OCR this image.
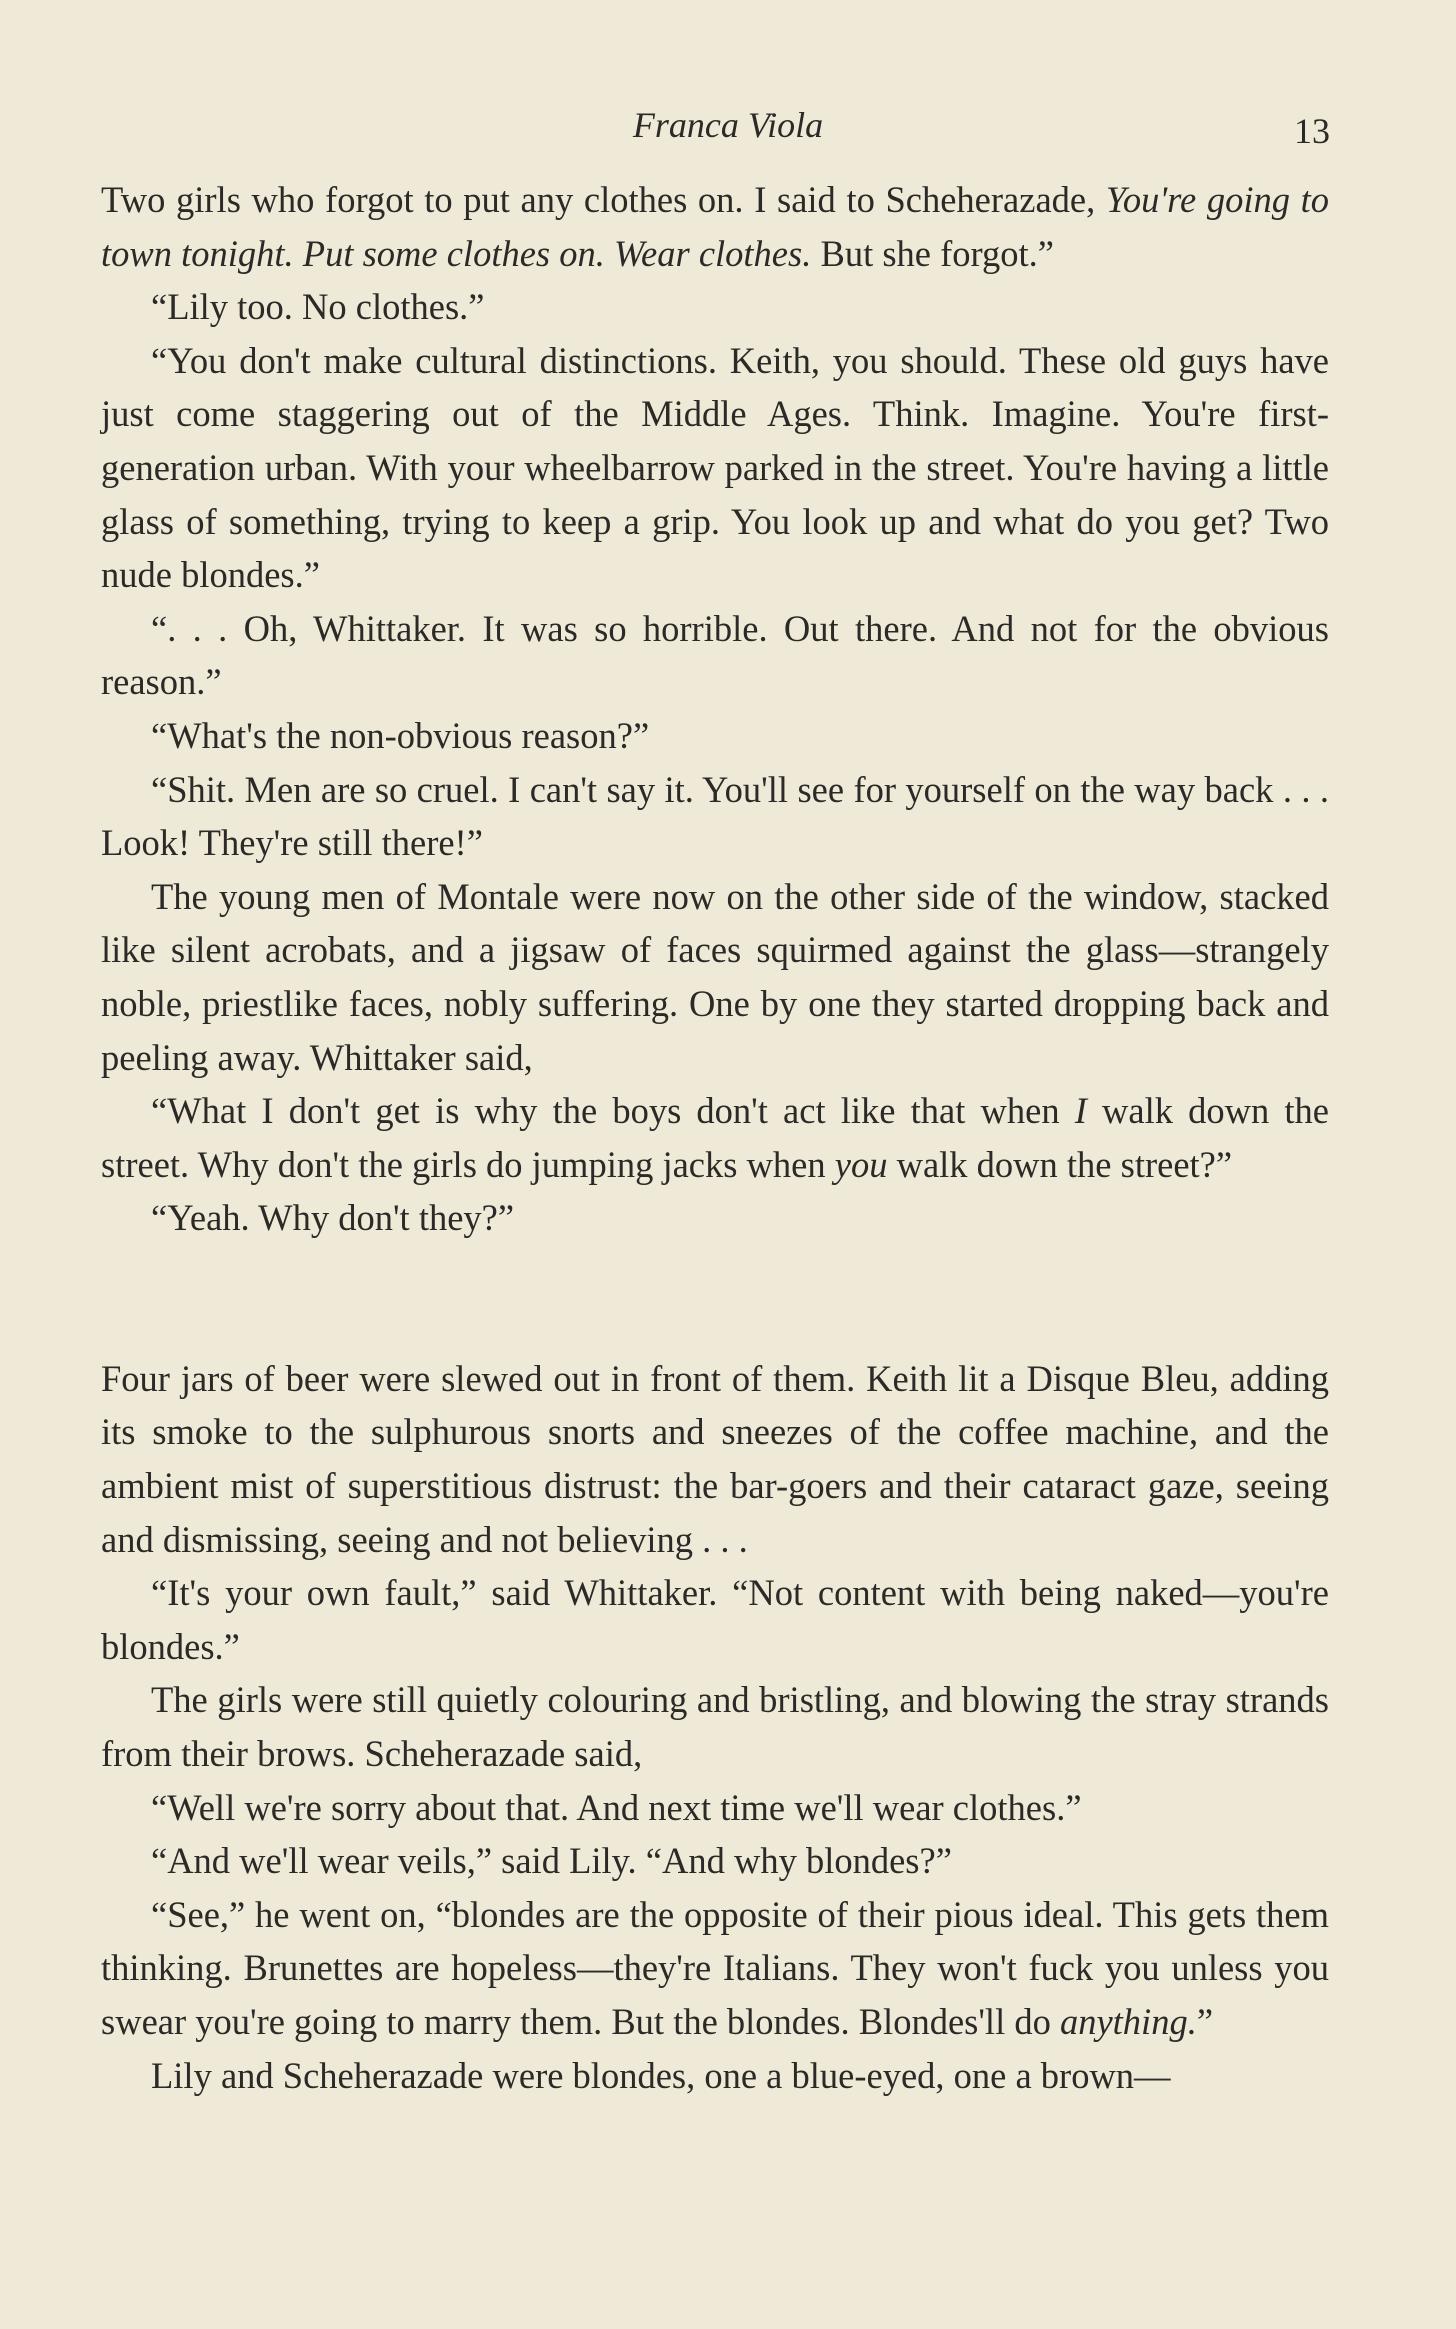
Franca Viola	13

Two girls who forgot to put any clothes on. I said to Scheherazade, You're going to town tonight. Put some clothes on. Wear clothes. But she forgot.”

“Lily too. No clothes.”

“You don't make cultural distinctions. Keith, you should. These old guys have just come staggering out of the Middle Ages. Think. Imagine. You're first-generation urban. With your wheelbarrow parked in the street. You're having a little glass of something, trying to keep a grip. You look up and what do you get? Two nude blondes.”

“. . . Oh, Whittaker. It was so horrible. Out there. And not for the obvious reason.”

“What's the non-obvious reason?”

“Shit. Men are so cruel. I can't say it. You'll see for yourself on the way back . . . Look! They're still there!”

The young men of Montale were now on the other side of the window, stacked like silent acrobats, and a jigsaw of faces squirmed against the glass—strangely noble, priestlike faces, nobly suffering. One by one they started dropping back and peeling away. Whittaker said,

“What I don't get is why the boys don't act like that when I walk down the street. Why don't the girls do jumping jacks when you walk down the street?”

“Yeah. Why don't they?”

Four jars of beer were slewed out in front of them. Keith lit a Disque Bleu, adding its smoke to the sulphurous snorts and sneezes of the coffee machine, and the ambient mist of superstitious distrust: the bar-goers and their cataract gaze, seeing and dismissing, seeing and not believing . . .

“It's your own fault,” said Whittaker. “Not content with being naked—you're blondes.”

The girls were still quietly colouring and bristling, and blowing the stray strands from their brows. Scheherazade said,

“Well we're sorry about that. And next time we'll wear clothes.”

“And we'll wear veils,” said Lily. “And why blondes?”

“See,” he went on, “blondes are the opposite of their pious ideal. This gets them thinking. Brunettes are hopeless—they're Italians. They won't fuck you unless you swear you're going to marry them. But the blondes. Blondes'll do anything.”

Lily and Scheherazade were blondes, one a blue-eyed, one a brown—
